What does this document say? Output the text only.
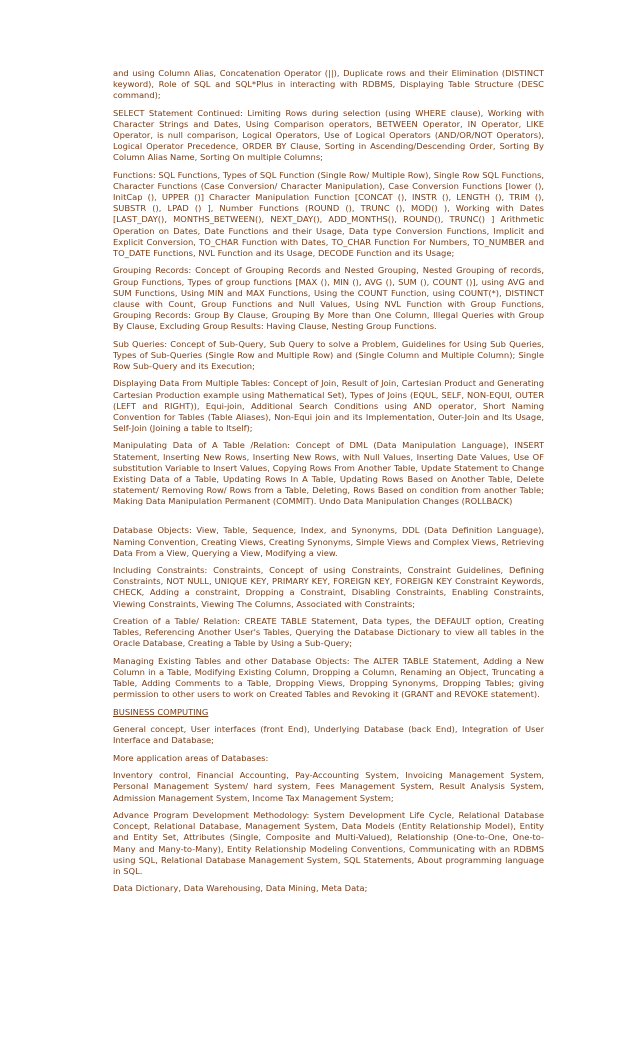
and using Column Alias, Concatenation Operator (||), Duplicate rows and their Elimination (DISTINCT keyword), Role of SQL and SQL*Plus in interacting with RDBMS, Displaying Table Structure (DESC command);

SELECT Statement Continued: Limiting Rows during selection (using WHERE clause), Working with Character Strings and Dates, Using Comparison operators, BETWEEN Operator, IN Operator, LIKE Operator, is null comparison, Logical Operators, Use of Logical Operators (AND/OR/NOT Operators), Logical Operator Precedence, ORDER BY Clause, Sorting in Ascending/Descending Order, Sorting By Column Alias Name, Sorting On multiple Columns;

Functions: SQL Functions, Types of SQL Function (Single Row/ Multiple Row), Single Row SQL Functions, Character Functions (Case Conversion/ Character Manipulation), Case Conversion Functions [lower (), InitCap (), UPPER ()] Character Manipulation Function [CONCAT (), INSTR (), LENGTH (), TRIM (), SUBSTR (), LPAD () ], Number Functions (ROUND (), TRUNC (), MOD() ), Working with Dates [LAST_DAY(), MONTHS_BETWEEN(), NEXT_DAY(), ADD_MONTHS(), ROUND(), TRUNC() ] Arithmetic Operation on Dates, Date Functions and their Usage, Data type Conversion Functions, Implicit and Explicit Conversion, TO_CHAR Function with Dates, TO_CHAR Function For Numbers, TO_NUMBER and TO_DATE Functions, NVL Function and its Usage, DECODE Function and its Usage;

Grouping Records: Concept of Grouping Records and Nested Grouping, Nested Grouping of records, Group Functions, Types of group functions [MAX (), MIN (), AVG (), SUM (), COUNT ()], using AVG and SUM Functions, Using MIN and MAX Functions, Using the COUNT Function, using COUNT(*), DISTINCT clause with Count, Group Functions and Null Values, Using NVL Function with Group Functions, Grouping Records: Group By Clause, Grouping By More than One Column, Illegal Queries with Group By Clause, Excluding Group Results: Having Clause, Nesting Group Functions.

Sub Queries: Concept of Sub-Query, Sub Query to solve a Problem, Guidelines for Using Sub Queries, Types of Sub-Queries (Single Row and Multiple Row) and (Single Column and Multiple Column); Single Row Sub-Query and its Execution;

Displaying Data From Multiple Tables: Concept of Join, Result of Join, Cartesian Product and Generating Cartesian Production example using Mathematical Set), Types of Joins (EQUL, SELF, NON-EQUI, OUTER (LEFT and RIGHT)), Equi-join, Additional Search Conditions using AND operator, Short Naming Convention for Tables (Table Aliases), Non-Equi join and its Implementation, Outer-Join and Its Usage, Self-Join (Joining a table to Itself);

Manipulating Data of A Table /Relation: Concept of DML (Data Manipulation Language), INSERT Statement, Inserting New Rows, Inserting New Rows, with Null Values, Inserting Date Values, Use OF substitution Variable to Insert Values, Copying Rows From Another Table, Update Statement to Change Existing Data of a Table, Updating Rows In A Table, Updating Rows Based on Another Table, Delete statement/ Removing Row/ Rows from a Table, Deleting, Rows Based on condition from another Table; Making Data Manipulation Permanent (COMMIT). Undo Data Manipulation Changes (ROLLBACK)

Database Objects: View, Table, Sequence, Index, and Synonyms, DDL (Data Definition Language), Naming Convention, Creating Views, Creating Synonyms, Simple Views and Complex Views, Retrieving Data From a View, Querying a View, Modifying a view.

Including Constraints: Constraints, Concept of using Constraints, Constraint Guidelines, Defining Constraints, NOT NULL, UNIQUE KEY, PRIMARY KEY, FOREIGN KEY, FOREIGN KEY Constraint Keywords, CHECK, Adding a constraint, Dropping a Constraint, Disabling Constraints, Enabling Constraints, Viewing Constraints, Viewing The Columns, Associated with Constraints;

Creation of a Table/ Relation: CREATE TABLE Statement, Data types, the DEFAULT option, Creating Tables, Referencing Another User's Tables, Querying the Database Dictionary to view all tables in the Oracle Database, Creating a Table by Using a Sub-Query;

Managing Existing Tables and other Database Objects: The ALTER TABLE Statement, Adding a New Column in a Table, Modifying Existing Column, Dropping a Column, Renaming an Object, Truncating a Table, Adding Comments to a Table, Dropping Views, Dropping Synonyms, Dropping Tables; giving permission to other users to work on Created Tables and Revoking it (GRANT and REVOKE statement).

BUSINESS COMPUTING

General concept, User interfaces (front End), Underlying Database (back End), Integration of User Interface and Database;

More application areas of Databases:

Inventory control, Financial Accounting, Pay-Accounting System, Invoicing Management System, Personal Management System/ hard system, Fees Management System, Result Analysis System, Admission Management System, Income Tax Management System;

Advance Program Development Methodology: System Development Life Cycle, Relational Database Concept, Relational Database, Management System, Data Models (Entity Relationship Model), Entity and Entity Set, Attributes (Single, Composite and Multi-Valued), Relationship (One-to-One, One-to-Many and Many-to-Many), Entity Relationship Modeling Conventions, Communicating with an RDBMS using SQL, Relational Database Management System, SQL Statements, About programming language in SQL.

Data Dictionary, Data Warehousing, Data Mining, Meta Data;
